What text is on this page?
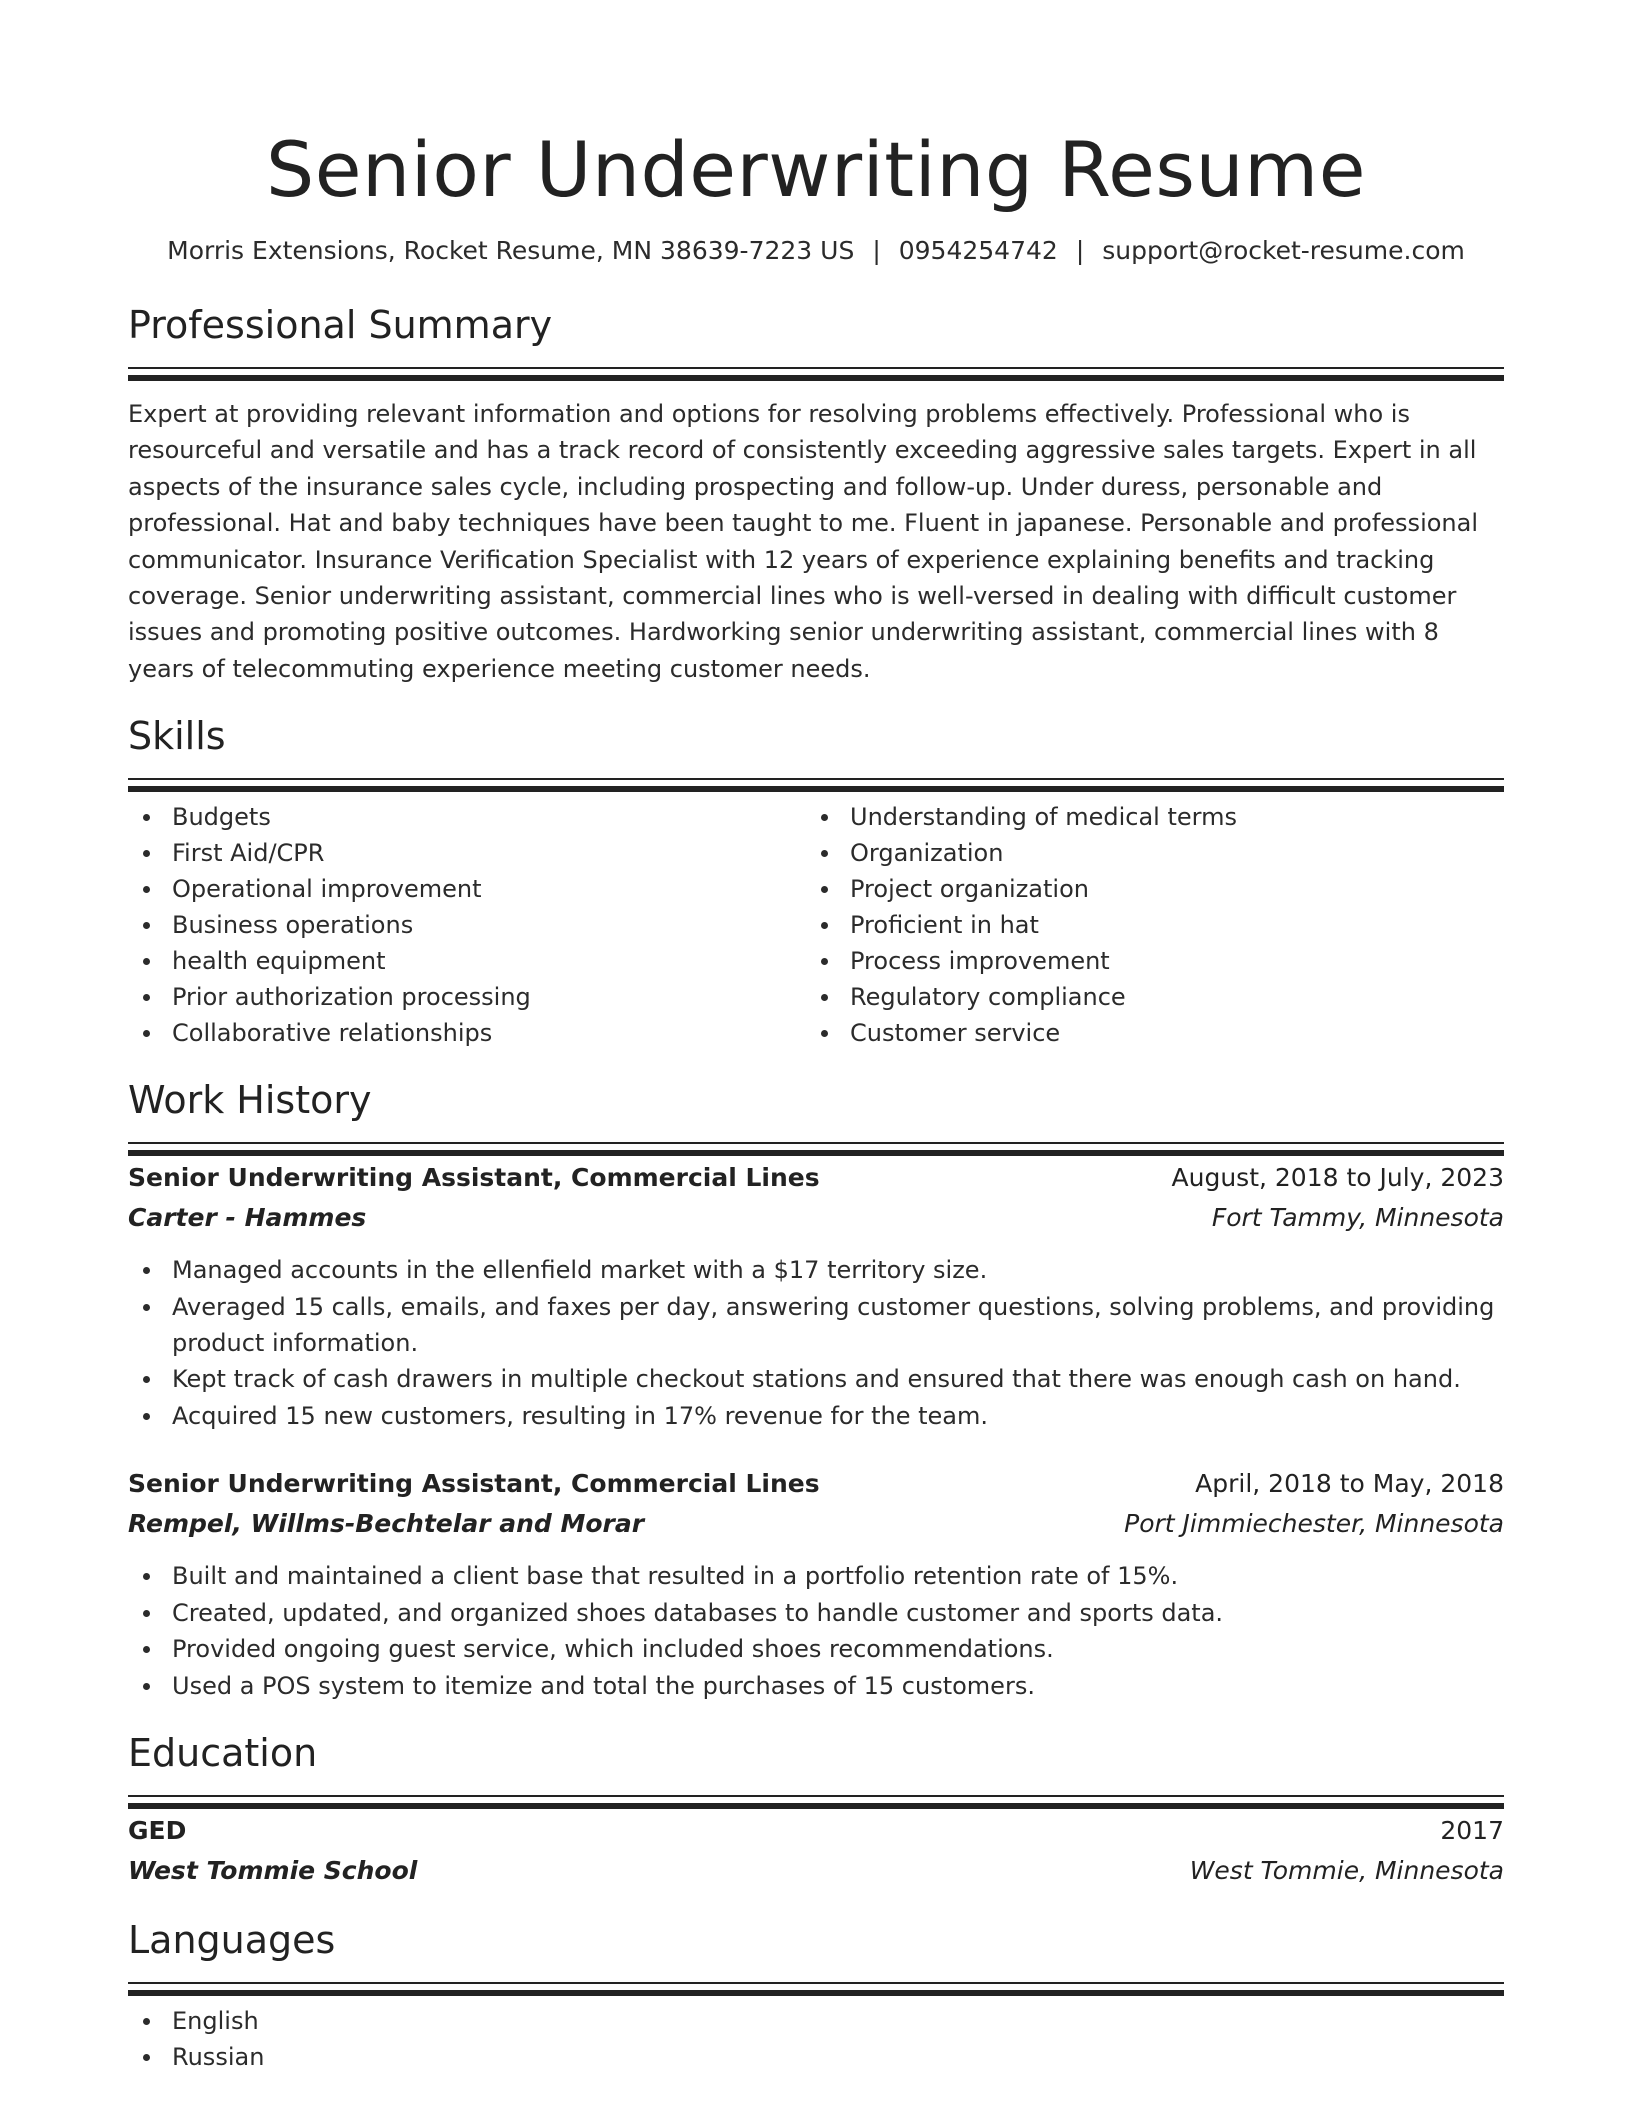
Senior Underwriting Resume
Morris Extensions, Rocket Resume, MN 38639-7223 US | 0954254742 | support@rocket-resume.com
Professional Summary

Expert at providing relevant information and options for resolving problems effectively. Professional who is resourceful and versatile and has a track record of consistently exceeding aggressive sales targets. Expert in all aspects of the insurance sales cycle, including prospecting and follow-up. Under duress, personable and professional. Hat and baby techniques have been taught to me. Fluent in japanese. Personable and professional communicator. Insurance Verification Specialist with 12 years of experience explaining benefits and tracking coverage. Senior underwriting assistant, commercial lines who is well-versed in dealing with difficult customer issues and promoting positive outcomes. Hardworking senior underwriting assistant, commercial lines with 8 years of telecommuting experience meeting customer needs.

Skills
Budgets
First Aid/CPR
Operational improvement
Business operations
health equipment
Prior authorization processing
Collaborative relationships
Understanding of medical terms
Organization
Project organization
Proficient in hat
Process improvement
Regulatory compliance
Customer service
Work History
Senior Underwriting Assistant, Commercial Lines	August, 2018 to July, 2023
Carter - Hammes	Fort Tammy, Minnesota
Managed accounts in the ellenfield market with a $17 territory size.
Averaged 15 calls, emails, and faxes per day, answering customer questions, solving problems, and providing product information.
Kept track of cash drawers in multiple checkout stations and ensured that there was enough cash on hand.
Acquired 15 new customers, resulting in 17% revenue for the team.
Senior Underwriting Assistant, Commercial Lines	April, 2018 to May, 2018
Rempel, Willms-Bechtelar and Morar	Port Jimmiechester, Minnesota
Built and maintained a client base that resulted in a portfolio retention rate of 15%.
Created, updated, and organized shoes databases to handle customer and sports data.
Provided ongoing guest service, which included shoes recommendations.
Used a POS system to itemize and total the purchases of 15 customers.
Education
GED	2017
West Tommie School	West Tommie, Minnesota
Languages
English
Russian
